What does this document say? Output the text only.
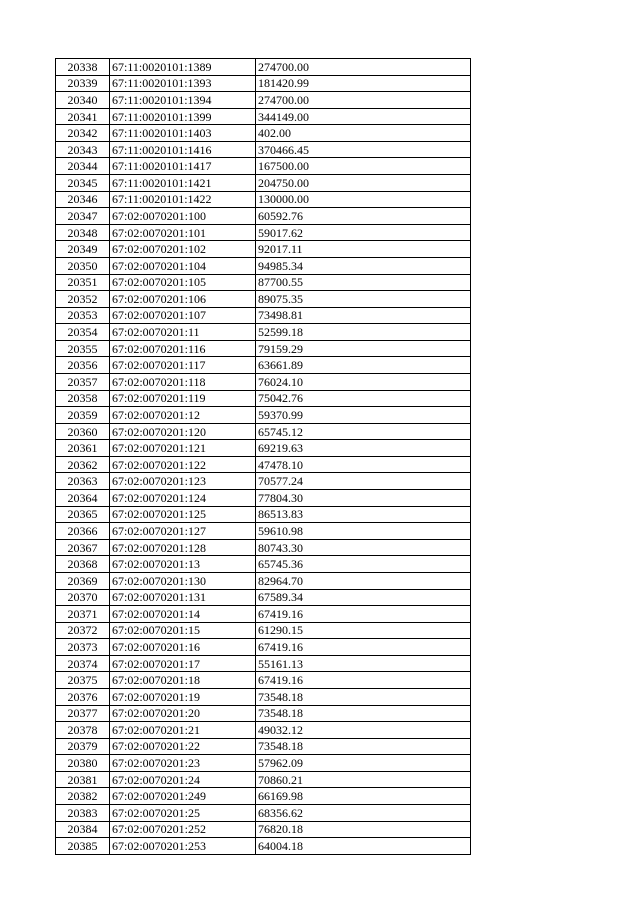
20338	67:11:0020101:1389	274700.00
20339	67:11:0020101:1393	181420.99
20340	67:11:0020101:1394	274700.00
20341	67:11:0020101:1399	344149.00
20342	67:11:0020101:1403	402.00
20343	67:11:0020101:1416	370466.45
20344	67:11:0020101:1417	167500.00
20345	67:11:0020101:1421	204750.00
20346	67:11:0020101:1422	130000.00
20347	67:02:0070201:100	60592.76
20348	67:02:0070201:101	59017.62
20349	67:02:0070201:102	92017.11
20350	67:02:0070201:104	94985.34
20351	67:02:0070201:105	87700.55
20352	67:02:0070201:106	89075.35
20353	67:02:0070201:107	73498.81
20354	67:02:0070201:11	52599.18
20355	67:02:0070201:116	79159.29
20356	67:02:0070201:117	63661.89
20357	67:02:0070201:118	76024.10
20358	67:02:0070201:119	75042.76
20359	67:02:0070201:12	59370.99
20360	67:02:0070201:120	65745.12
20361	67:02:0070201:121	69219.63
20362	67:02:0070201:122	47478.10
20363	67:02:0070201:123	70577.24
20364	67:02:0070201:124	77804.30
20365	67:02:0070201:125	86513.83
20366	67:02:0070201:127	59610.98
20367	67:02:0070201:128	80743.30
20368	67:02:0070201:13	65745.36
20369	67:02:0070201:130	82964.70
20370	67:02:0070201:131	67589.34
20371	67:02:0070201:14	67419.16
20372	67:02:0070201:15	61290.15
20373	67:02:0070201:16	67419.16
20374	67:02:0070201:17	55161.13
20375	67:02:0070201:18	67419.16
20376	67:02:0070201:19	73548.18
20377	67:02:0070201:20	73548.18
20378	67:02:0070201:21	49032.12
20379	67:02:0070201:22	73548.18
20380	67:02:0070201:23	57962.09
20381	67:02:0070201:24	70860.21
20382	67:02:0070201:249	66169.98
20383	67:02:0070201:25	68356.62
20384	67:02:0070201:252	76820.18
20385	67:02:0070201:253	64004.18
